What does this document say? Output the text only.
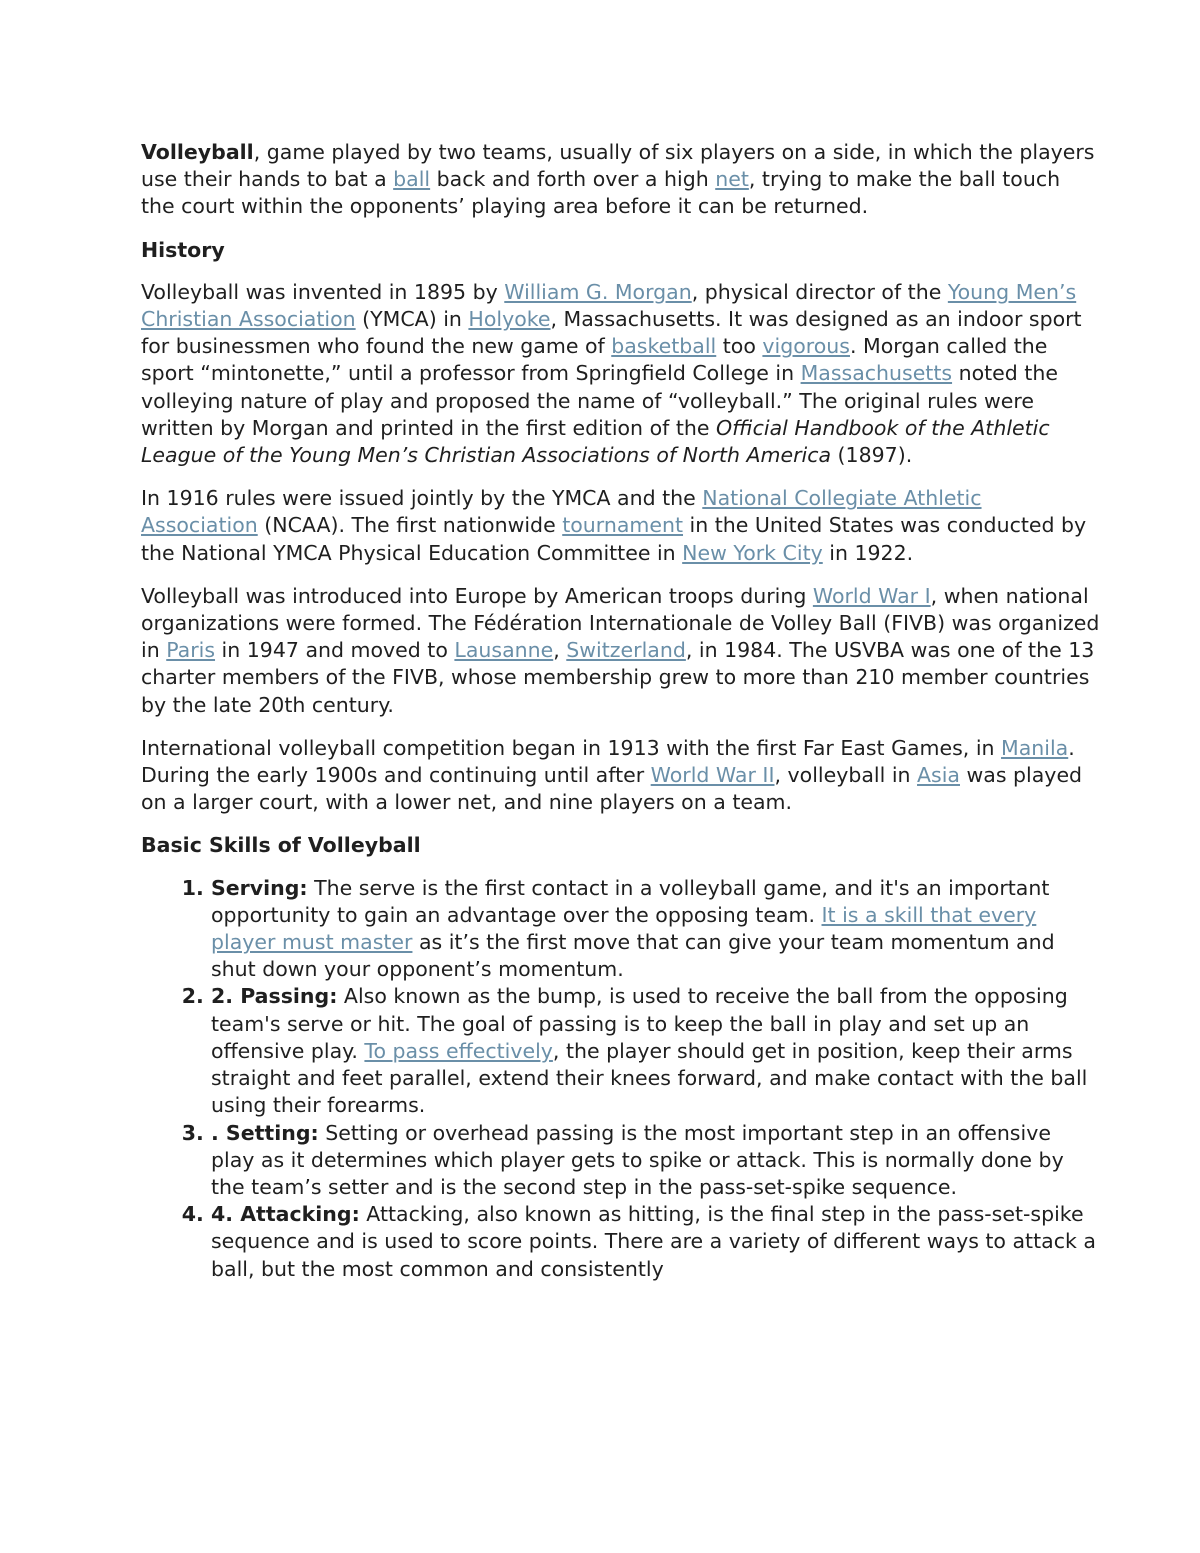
Volleyball, game played by two teams, usually of six players on a side, in which the players use their hands to bat a ball back and forth over a high net, trying to make the ball touch the court within the opponents’ playing area before it can be returned.

History

Volleyball was invented in 1895 by William G. Morgan, physical director of the Young Men’s Christian Association (YMCA) in Holyoke, Massachusetts. It was designed as an indoor sport for businessmen who found the new game of basketball too vigorous. Morgan called the sport “mintonette,” until a professor from Springfield College in Massachusetts noted the volleying nature of play and proposed the name of “volleyball.” The original rules were written by Morgan and printed in the first edition of the Official Handbook of the Athletic League of the Young Men’s Christian Associations of North America (1897).

In 1916 rules were issued jointly by the YMCA and the National Collegiate Athletic Association (NCAA). The first nationwide tournament in the United States was conducted by the National YMCA Physical Education Committee in New York City in 1922.

Volleyball was introduced into Europe by American troops during World War I, when national organizations were formed. The Fédération Internationale de Volley Ball (FIVB) was organized in Paris in 1947 and moved to Lausanne, Switzerland, in 1984. The USVBA was one of the 13 charter members of the FIVB, whose membership grew to more than 210 member countries by the late 20th century.

International volleyball competition began in 1913 with the first Far East Games, in Manila. During the early 1900s and continuing until after World War II, volleyball in Asia was played on a larger court, with a lower net, and nine players on a team.

Basic Skills of Volleyball
1. Serving: The serve is the first contact in a volleyball game, and it's an important opportunity to gain an advantage over the opposing team. It is a skill that every player must master as it’s the first move that can give your team momentum and shut down your opponent’s momentum.
2. 2. Passing: Also known as the bump, is used to receive the ball from the opposing team's serve or hit. The goal of passing is to keep the ball in play and set up an offensive play. To pass effectively, the player should get in position, keep their arms straight and feet parallel, extend their knees forward, and make contact with the ball using their forearms.
3. . Setting: Setting or overhead passing is the most important step in an offensive play as it determines which player gets to spike or attack. This is normally done by the team’s setter and is the second step in the pass-set-spike sequence.
4. 4. Attacking: Attacking, also known as hitting, is the final step in the pass-set-spike sequence and is used to score points. There are a variety of different ways to attack a ball, but the most common and consistently
